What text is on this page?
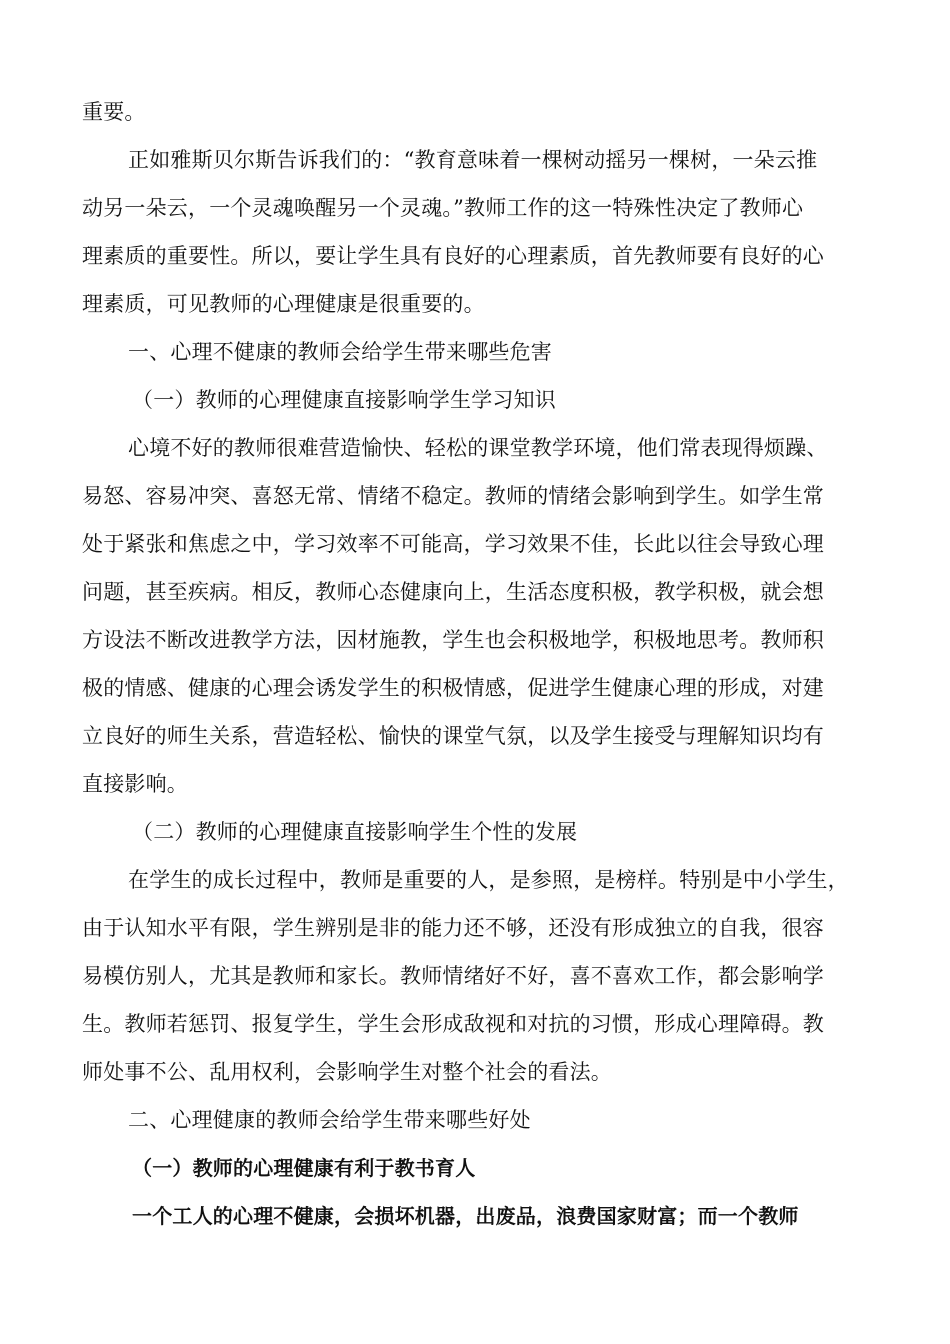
重要。
正如雅斯贝尔斯告诉我们的：“教育意味着一棵树动摇另一棵树，一朵云推
动另一朵云，一个灵魂唤醒另一个灵魂。”教师工作的这一特殊性决定了教师心
理素质的重要性。所以，要让学生具有良好的心理素质，首先教师要有良好的心
理素质，可见教师的心理健康是很重要的。
一、心理不健康的教师会给学生带来哪些危害
（一）教师的心理健康直接影响学生学习知识
心境不好的教师很难营造愉快、轻松的课堂教学环境，他们常表现得烦躁、
易怒、容易冲突、喜怒无常、情绪不稳定。教师的情绪会影响到学生。如学生常
处于紧张和焦虑之中，学习效率不可能高，学习效果不佳，长此以往会导致心理
问题，甚至疾病。相反，教师心态健康向上，生活态度积极，教学积极，就会想
方设法不断改进教学方法，因材施教，学生也会积极地学，积极地思考。教师积
极的情感、健康的心理会诱发学生的积极情感，促进学生健康心理的形成，对建
立良好的师生关系，营造轻松、愉快的课堂气氛，以及学生接受与理解知识均有
直接影响。
（二）教师的心理健康直接影响学生个性的发展
在学生的成长过程中，教师是重要的人，是参照，是榜样。特别是中小学生，
由于认知水平有限，学生辨别是非的能力还不够，还没有形成独立的自我，很容
易模仿别人，尤其是教师和家长。教师情绪好不好，喜不喜欢工作，都会影响学
生。教师若惩罚、报复学生，学生会形成敌视和对抗的习惯，形成心理障碍。教
师处事不公、乱用权利，会影响学生对整个社会的看法。
二、心理健康的教师会给学生带来哪些好处
（一）教师的心理健康有利于教书育人
一个工人的心理不健康，会损坏机器，出废品，浪费国家财富；而一个教师
